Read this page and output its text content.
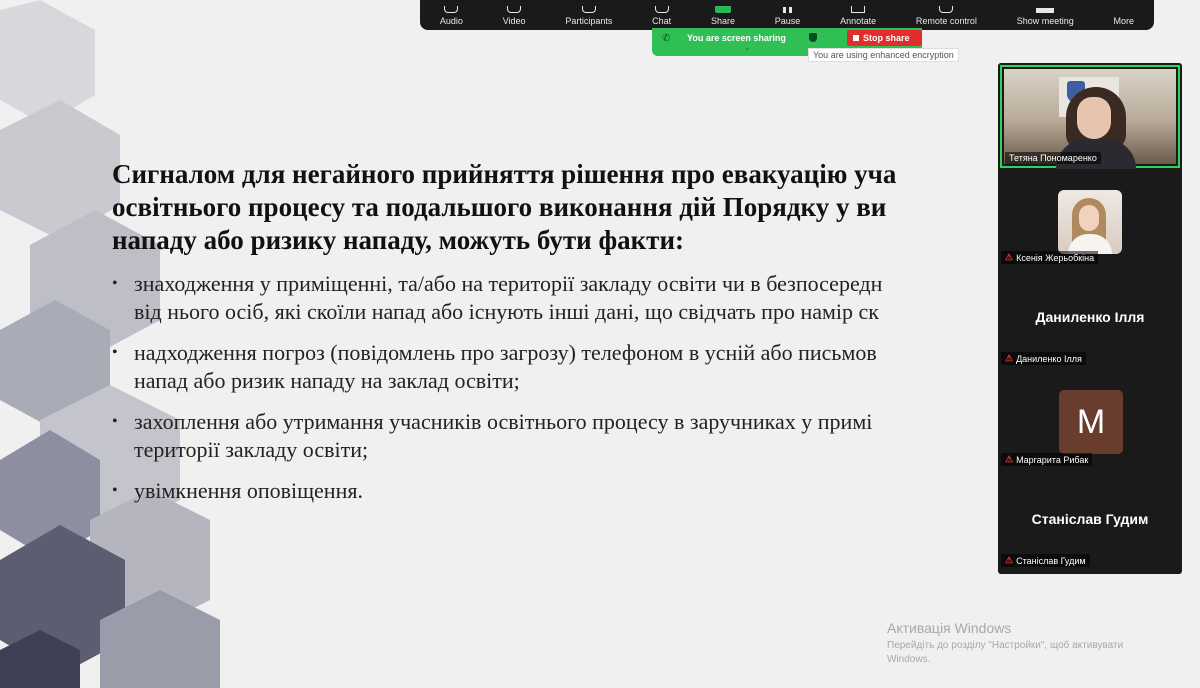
Сигналом для негайного прийняття рішення про евакуацію уча
освітнього процесу та подальшого виконання дій Порядку у ви
нападу або ризику нападу, можуть бути факти:
• знаходження у приміщенні, та/або на території закладу освіти чи в безпосередн
від нього осіб, які скоїли напад або існують інші дані, що свідчать про намір ск
• надходження погроз (повідомлень про загрозу) телефоном в усній або письмов
напад або ризик нападу на заклад освіти;
• захоплення або утримання учасників освітнього процесу в заручниках у примі
території закладу освіти;
• увімкнення оповіщення.
Audio	Video	Participants	Chat	Share	Pause	Annotate	Remote control	Show meeting	More
✆ You are screen sharing
⌄
Stop share
You are using enhanced encryption
Тетяна Пономаренко
⚠ Ксенія Жерьобкіна
Даниленко Ілля
⚠ Даниленко Ілля
M
⚠ Маргарита Рибак
Станіслав Гудим
⚠ Станіслав Гудим
Активація Windows
Перейдіть до розділу "Настройки", щоб активувати Windows.
